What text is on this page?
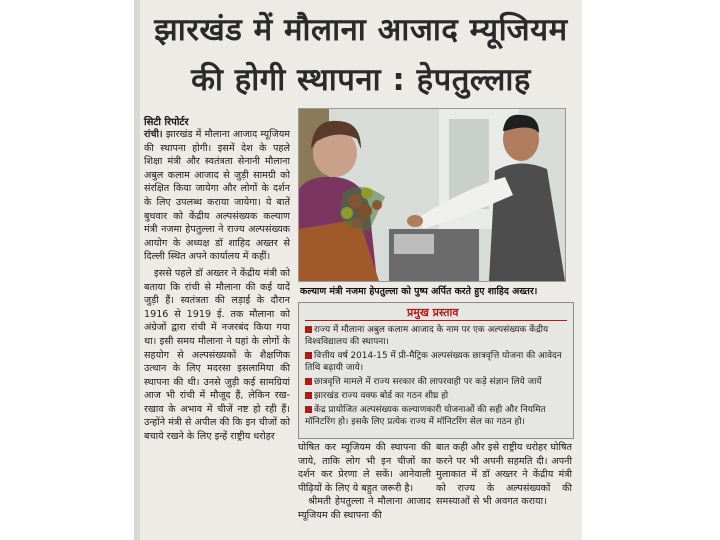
झारखंड में मौलाना आजाद म्यूजियम
की होगी स्थापना : हेपतुल्लाह
सिटी रिपोर्टर

रांची। झारखंड में मौलाना आजाद म्यूजियम की स्थापना होगी। इसमें देश के पहले शिक्षा मंत्री और स्वतंत्रता सेनानी मौलाना अबुल कलाम आजाद से जुड़ी सामग्री को संरक्षित किया जायेगा और लोगों के दर्शन के लिए उपलब्ध कराया जायेगा। ये बातें बुधवार को केंद्रीय अल्पसंख्यक कल्याण मंत्री नजमा हेपतुल्ला ने राज्य अल्पसंख्यक आयोग के अध्यक्ष डॉ शाहिद अख्तर से दिल्ली स्थित अपने कार्यालय में कहीं।

इससे पहले डॉ अख्तर ने केंद्रीय मंत्री को बताया कि रांची से मौलाना की कई यादें जुड़ी हैं। स्वतंत्रता की लड़ाई के दौरान 1916 से 1919 ई. तक मौलाना को अंग्रेजों द्वारा रांची में नजरबंद किया गया था। इसी समय मौलाना ने यहां के लोगों के सहयोग से अल्पसंख्यकों के शैक्षणिक उत्थान के लिए मदरसा इसलामिया की स्थापना की थी। उनसे जुड़ी कई सामग्रियां आज भी रांची में मौजूद हैं, लेकिन रख-रखाव के अभाव में चीजें नष्ट हो रही हैं। उन्होंने मंत्री से अपील की कि इन चीजों को बचाये रखने के लिए इन्हें राष्ट्रीय धरोहर

कल्याण मंत्री नजमा हेपतुल्ला को पुष्प अर्पित करते हुए शाहिद अख्तर।
प्रमुख प्रस्ताव
राज्य में मौलाना अबुल कलाम आजाद के नाम पर एक अल्पसंख्यक केंद्रीय विश्वविद्यालय की स्थापना।
वित्तीय वर्ष 2014-15 में प्री-मैट्रिक अल्पसंख्यक छात्रवृत्ति योजना की आवेदन तिथि बढ़ायी जाये।
छात्रवृत्ति मामले में राज्य सरकार की लापरवाही पर कड़े संज्ञान लिये जायें
झारखंड राज्य वक्फ बोर्ड का गठन शीघ्र हो
केंद्र प्रायोजित अल्पसंख्यक कल्याणकारी योजनाओं की सही और नियमित मॉनिटरिंग हो। इसके लिए प्रत्येक राज्य में मॉनिटरिंग सेल का गठन हो।

घोषित कर म्यूजियम की स्थापना की जाये, ताकि लोग भी इन चीजों का दर्शन कर प्रेरणा ले सकें। आनेवाली पीढ़ियों के लिए ये बहुत जरूरी है।

श्रीमती हेपतुल्ला ने मौलाना आजाद म्यूजियम की स्थापना की

बात कही और इसे राष्ट्रीय धरोहर घोषित करने पर भी अपनी सहमति दी। अपनी मुलाकात में डॉ अख्तर ने केंद्रीय मंत्री को राज्य के अल्पसंख्यकों की समस्याओं से भी अवगत कराया।
